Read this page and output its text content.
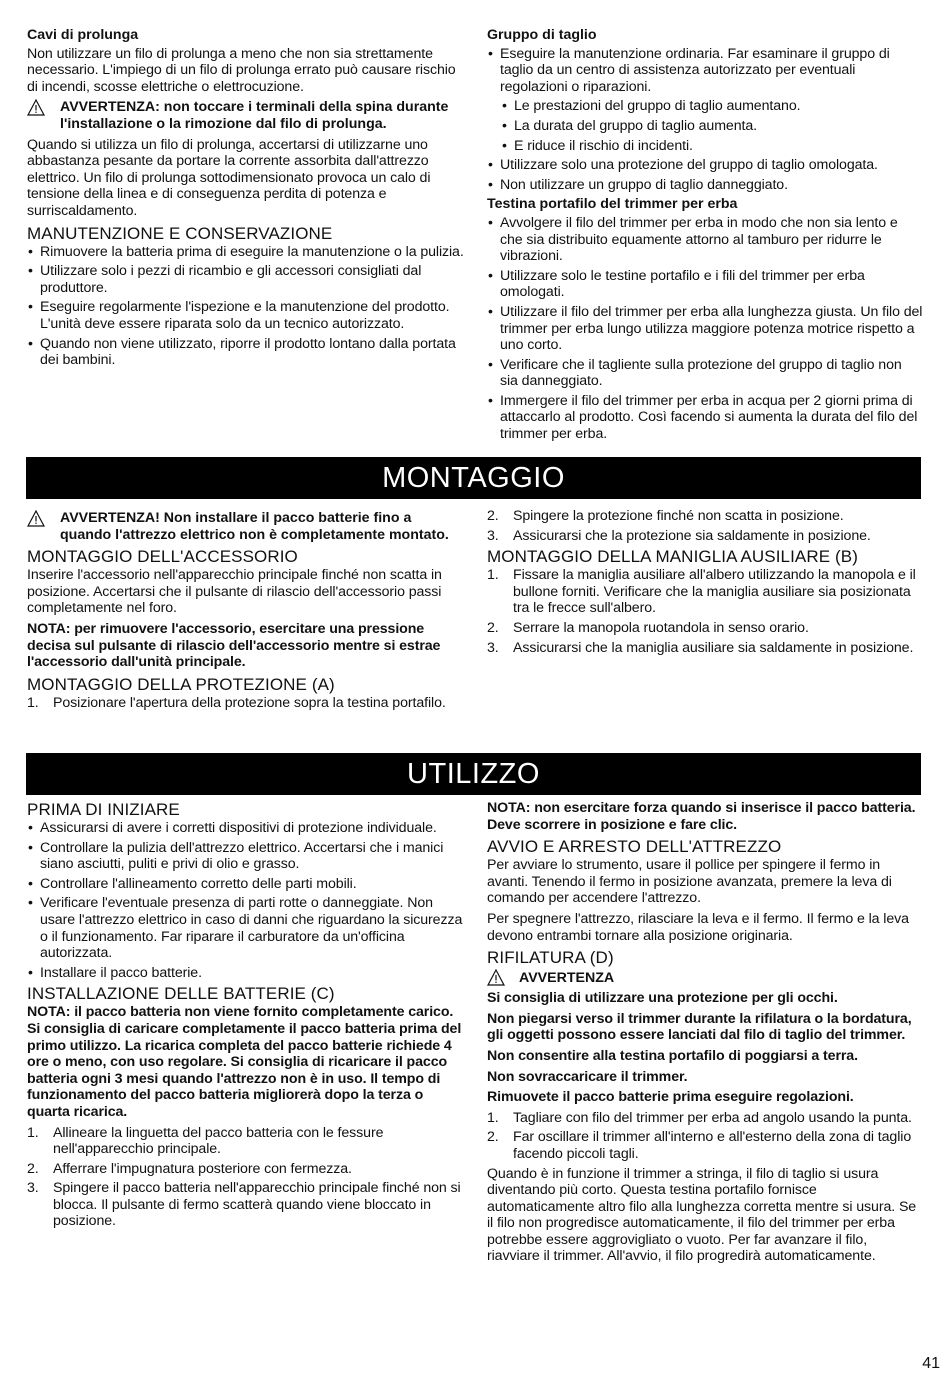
Cavi di prolunga

Non utilizzare un filo di prolunga a meno che non sia strettamente necessario. L'impiego di un filo di prolunga errato può causare rischio di incendi, scosse elettriche o elettrocuzione.

AVVERTENZA: non toccare i terminali della spina durante l'installazione o la rimozione dal filo di prolunga.

Quando si utilizza un filo di prolunga, accertarsi di utilizzarne uno abbastanza pesante da portare la corrente assorbita dall'attrezzo elettrico. Un filo di prolunga sottodimensionato provoca un calo di tensione della linea e di conseguenza perdita di potenza e surriscaldamento.

MANUTENZIONE E CONSERVAZIONE
• Rimuovere la batteria prima di eseguire la manutenzione o la pulizia.
• Utilizzare solo i pezzi di ricambio e gli accessori consigliati dal produttore.
• Eseguire regolarmente l'ispezione e la manutenzione del prodotto. L'unità deve essere riparata solo da un tecnico autorizzato.
• Quando non viene utilizzato, riporre il prodotto lontano dalla portata dei bambini.
Gruppo di taglio
• Eseguire la manutenzione ordinaria. Far esaminare il gruppo di taglio da un centro di assistenza autorizzato per eventuali regolazioni o riparazioni.
• Le prestazioni del gruppo di taglio aumentano.
• La durata del gruppo di taglio aumenta.
• E riduce il rischio di incidenti.
• Utilizzare solo una protezione del gruppo di taglio omologata.
• Non utilizzare un gruppo di taglio danneggiato.
Testina portafilo del trimmer per erba
• Avvolgere il filo del trimmer per erba in modo che non sia lento e che sia distribuito equamente attorno al tamburo per ridurre le vibrazioni.
• Utilizzare solo le testine portafilo e i fili del trimmer per erba omologati.
• Utilizzare il filo del trimmer per erba alla lunghezza giusta. Un filo del trimmer per erba lungo utilizza maggiore potenza motrice rispetto a uno corto.
• Verificare che il tagliente sulla protezione del gruppo di taglio non sia danneggiato.
• Immergere il filo del trimmer per erba in acqua per 2 giorni prima di attaccarlo al prodotto. Così facendo si aumenta la durata del filo del trimmer per erba.
MONTAGGIO
AVVERTENZA! Non installare il pacco batterie fino a quando l'attrezzo elettrico non è completamente montato.
MONTAGGIO DELL'ACCESSORIO

Inserire l'accessorio nell'apparecchio principale finché non scatta in posizione. Accertarsi che il pulsante di rilascio dell'accessorio passi completamente nel foro.

NOTA: per rimuovere l'accessorio, esercitare una pressione decisa sul pulsante di rilascio dell'accessorio mentre si estrae l'accessorio dall'unità principale.

MONTAGGIO DELLA PROTEZIONE (A)
1. Posizionare l'apertura della protezione sopra la testina portafilo.
2. Spingere la protezione finché non scatta in posizione.
3. Assicurarsi che la protezione sia saldamente in posizione.
MONTAGGIO DELLA MANIGLIA AUSILIARE (B)
1. Fissare la maniglia ausiliare all'albero utilizzando la manopola e il bullone forniti. Verificare che la maniglia ausiliare sia posizionata tra le frecce sull'albero.
2. Serrare la manopola ruotandola in senso orario.
3. Assicurarsi che la maniglia ausiliare sia saldamente in posizione.
UTILIZZO
PRIMA DI INIZIARE
• Assicurarsi di avere i corretti dispositivi di protezione individuale.
• Controllare la pulizia dell'attrezzo elettrico. Accertarsi che i manici siano asciutti, puliti e privi di olio e grasso.
• Controllare l'allineamento corretto delle parti mobili.
• Verificare l'eventuale presenza di parti rotte o danneggiate. Non usare l'attrezzo elettrico in caso di danni che riguardano la sicurezza o il funzionamento. Far riparare il carburatore da un'officina autorizzata.
• Installare il pacco batterie.
INSTALLAZIONE DELLE BATTERIE (C)

NOTA: il pacco batteria non viene fornito completamente carico. Si consiglia di caricare completamente il pacco batteria prima del primo utilizzo. La ricarica completa del pacco batterie richiede 4 ore o meno, con uso regolare. Si consiglia di ricaricare il pacco batteria ogni 3 mesi quando l'attrezzo non è in uso. Il tempo di funzionamento del pacco batteria migliorerà dopo la terza o quarta ricarica.

1. Allineare la linguetta del pacco batteria con le fessure nell'apparecchio principale.
2. Afferrare l'impugnatura posteriore con fermezza.
3. Spingere il pacco batteria nell'apparecchio principale finché non si blocca. Il pulsante di fermo scatterà quando viene bloccato in posizione.

NOTA: non esercitare forza quando si inserisce il pacco batteria. Deve scorrere in posizione e fare clic.

AVVIO E ARRESTO DELL'ATTREZZO

Per avviare lo strumento, usare il pollice per spingere il fermo in avanti. Tenendo il fermo in posizione avanzata, premere la leva di comando per accendere l'attrezzo.

Per spegnere l'attrezzo, rilasciare la leva e il fermo. Il fermo e la leva devono entrambi tornare alla posizione originaria.

RIFILATURA (D)
AVVERTENZA

Si consiglia di utilizzare una protezione per gli occhi.

Non piegarsi verso il trimmer durante la rifilatura o la bordatura, gli oggetti possono essere lanciati dal filo di taglio del trimmer.

Non consentire alla testina portafilo di poggiarsi a terra.

Non sovraccaricare il trimmer.

Rimuovete il pacco batterie prima eseguire regolazioni.

1. Tagliare con filo del trimmer per erba ad angolo usando la punta.
2. Far oscillare il trimmer all'interno e all'esterno della zona di taglio facendo piccoli tagli.

Quando è in funzione il trimmer a stringa, il filo di taglio si usura diventando più corto. Questa testina portafilo fornisce automaticamente altro filo alla lunghezza corretta mentre si usura. Se il filo non progredisce automaticamente, il filo del trimmer per erba potrebbe essere aggrovigliato o vuoto. Per far avanzare il filo, riavviare il trimmer. All'avvio, il filo progredirà automaticamente.

41
